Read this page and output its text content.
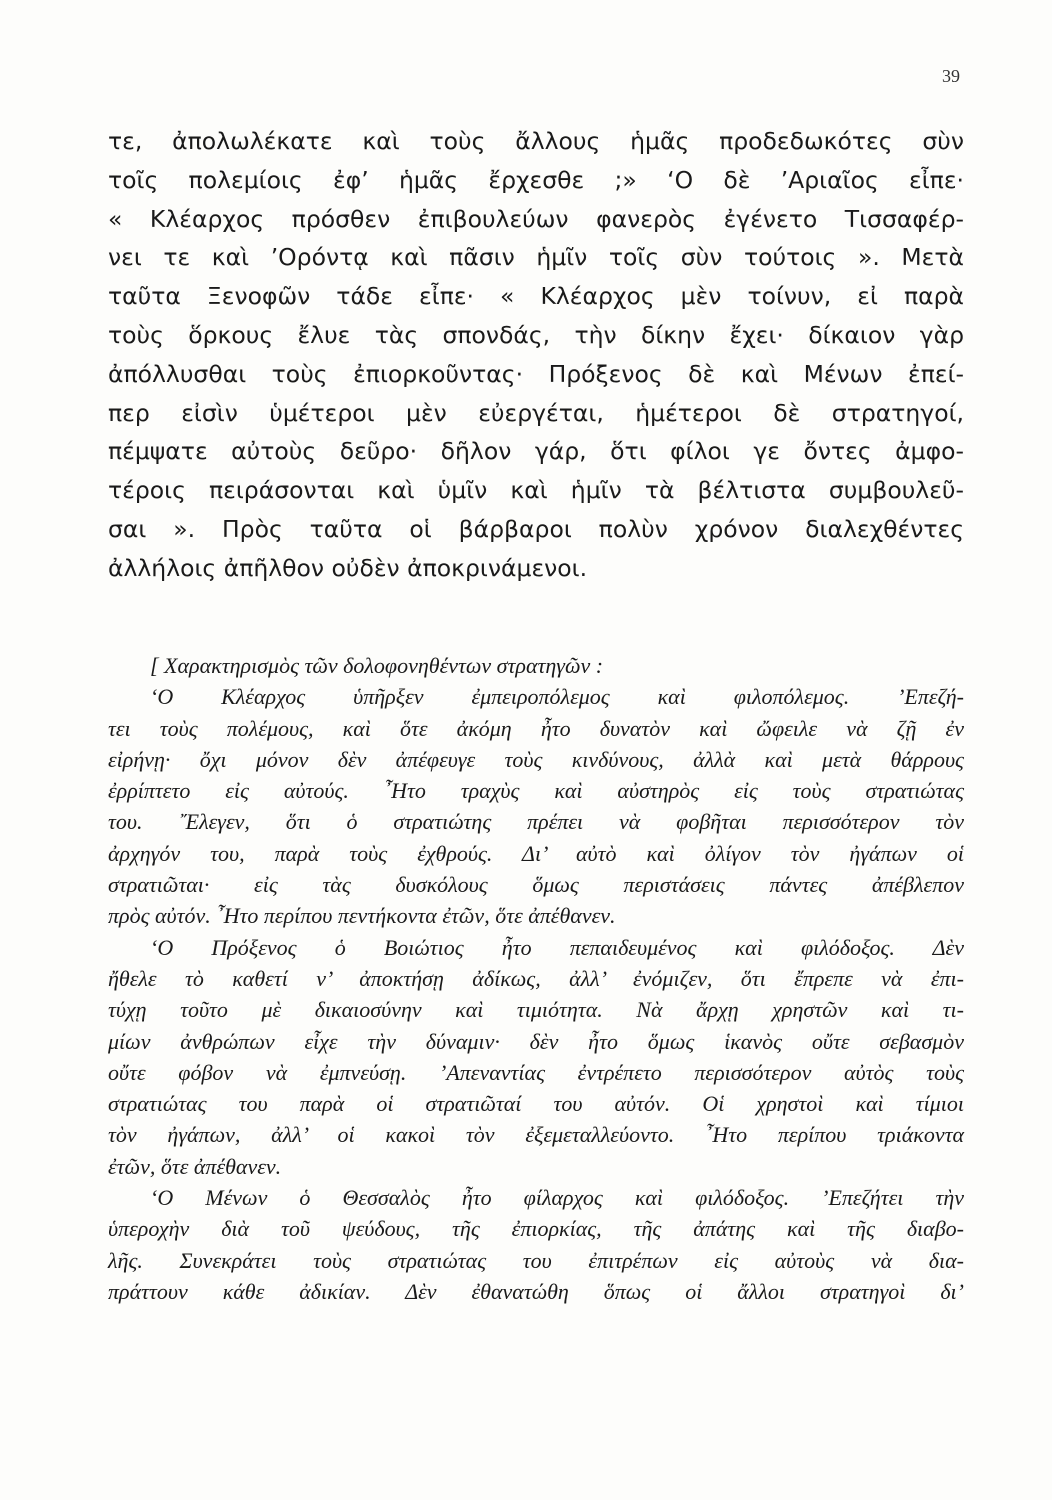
39
τε, ἀπολωλέκατε καὶ τοὺς ἄλλους ἡμᾶς προδεδωκότες σὺν
τοῖς πολεμίοις ἐφ’ ἡμᾶς ἔρχεσθε ;» ‘Ο δὲ ’Αριαῖος εἶπε·
« Κλέαρχος πρόσθεν ἐπιβουλεύων φανερὸς ἐγένετο Τισσαφέρ-
νει τε καὶ ’Ορόντᾳ καὶ πᾶσιν ἡμῖν τοῖς σὺν τούτοις ». Μετὰ
ταῦτα Ξενοφῶν τάδε εἶπε· « Κλέαρχος μὲν τοίνυν, εἰ παρὰ
τοὺς ὅρκους ἔλυε τὰς σπονδάς, τὴν δίκην ἔχει· δίκαιον γὰρ
ἀπόλλυσθαι τοὺς ἐπιορκοῦντας· Πρόξενος δὲ καὶ Μένων ἐπεί-
περ εἰσὶν ὑμέτεροι μὲν εὐεργέται, ἡμέτεροι δὲ στρατηγοί,
πέμψατε αὐτοὺς δεῦρο· δῆλον γάρ, ὅτι φίλοι γε ὄντες ἀμφο-
τέροις πειράσονται καὶ ὑμῖν καὶ ἡμῖν τὰ βέλτιστα συμβουλεῦ-
σαι ». Πρὸς ταῦτα οἱ βάρβαροι πολὺν χρόνον διαλεχθέντες
ἀλλήλοις ἀπῆλθον οὐδὲν ἀποκρινάμενοι.
[ Χαρακτηρισμὸς τῶν δολοφονηθέντων στρατηγῶν :
‘Ο Κλέαρχος ὑπῆρξεν ἐμπειροπόλεμος καὶ φιλοπόλεμος. ’Επεζή-
τει τοὺς πολέμους, καὶ ὅτε ἀκόμη ἦτο δυνατὸν καὶ ὤφειλε νὰ ζῇ ἐν
εἰρήνῃ· ὄχι μόνον δὲν ἀπέφευγε τοὺς κινδύνους, ἀλλὰ καὶ μετὰ θάρρους
ἐρρίπτετο εἰς αὐτούς. ῏Ητο τραχὺς καὶ αὐστηρὸς εἰς τοὺς στρατιώτας
του. ῎Ελεγεν, ὅτι ὁ στρατιώτης πρέπει νὰ φοβῆται περισσότερον τὸν
ἀρχηγόν του, παρὰ τοὺς ἐχθρούς. Δι’ αὐτὸ καὶ ὀλίγον τὸν ἠγάπων οἱ
στρατιῶται· εἰς τὰς δυσκόλους ὅμως περιστάσεις πάντες ἀπέβλεπον
πρὸς αὐτόν. ῏Ητο περίπου πεντήκοντα ἐτῶν, ὅτε ἀπέθανεν.
‘Ο Πρόξενος ὁ Βοιώτιος ἦτο πεπαιδευμένος καὶ φιλόδοξος. Δὲν
ἤθελε τὸ καθετί ν’ ἀποκτήσῃ ἀδίκως, ἀλλ’ ἐνόμιζεν, ὅτι ἔπρεπε νὰ ἐπι-
τύχῃ τοῦτο μὲ δικαιοσύνην καὶ τιμιότητα. Νὰ ἄρχῃ χρηστῶν καὶ τι-
μίων ἀνθρώπων εἶχε τὴν δύναμιν· δὲν ἦτο ὅμως ἱκανὸς οὔτε σεβασμὸν
οὔτε φόβον νὰ ἐμπνεύσῃ. ’Απεναντίας ἐντρέπετο περισσότερον αὐτὸς τοὺς
στρατιώτας του παρὰ οἱ στρατιῶταί του αὐτόν. Οἱ χρηστοὶ καὶ τίμιοι
τὸν ἠγάπων, ἀλλ’ οἱ κακοὶ τὸν ἐξεμεταλλεύοντο. ῏Ητο περίπου τριάκοντα
ἐτῶν, ὅτε ἀπέθανεν.
‘Ο Μένων ὁ Θεσσαλὸς ἦτο φίλαρχος καὶ φιλόδοξος. ’Επεζήτει τὴν
ὑπεροχὴν διὰ τοῦ ψεύδους, τῆς ἐπιορκίας, τῆς ἀπάτης καὶ τῆς διαβο-
λῆς. Συνεκράτει τοὺς στρατιώτας του ἐπιτρέπων εἰς αὐτοὺς νὰ δια-
πράττουν κάθε ἀδικίαν. Δὲν ἐθανατώθη ὅπως οἱ ἄλλοι στρατηγοὶ δι’
